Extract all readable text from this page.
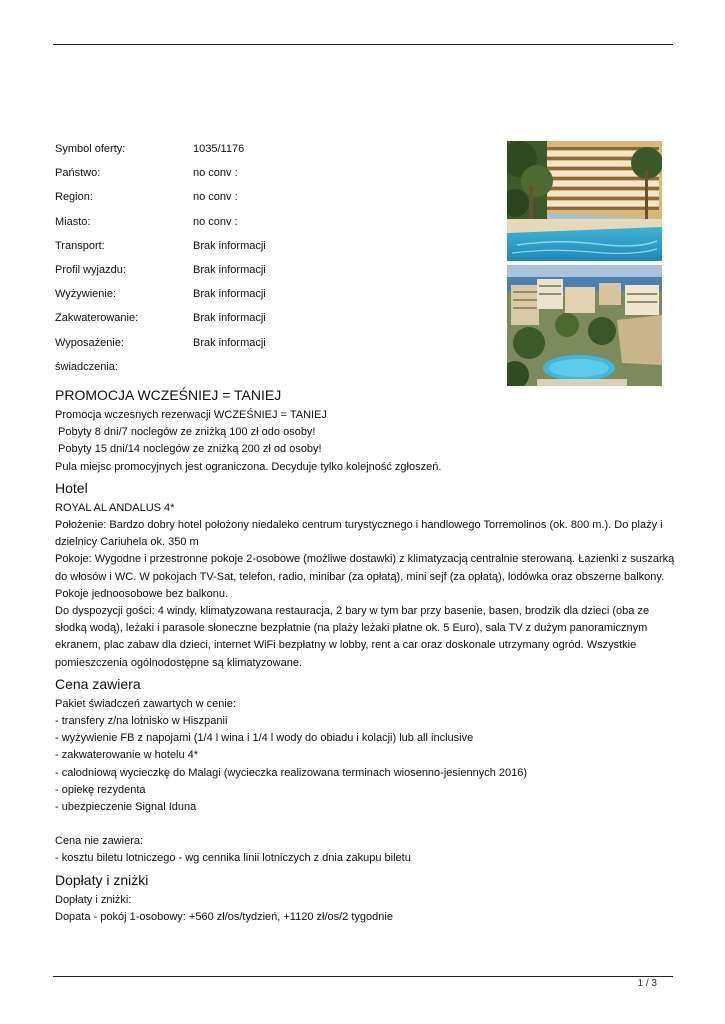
Symbol oferty:	1035/1176
Państwo:	no conv :
Region:	no conv :
Miasto:	no conv :
Transport:	Brak informacji
Profil wyjazdu:	Brak informacji
Wyżywienie:	Brak informacji
Zakwaterowanie:	Brak informacji
Wyposażenie:	Brak informacji
świadczenia:
PROMOCJA WCZEŚNIEJ = TANIEJ

Promocja wczesnych rezerwacji WCZEŚNIEJ = TANIEJ

Pobyty 8 dni/7 noclegów ze zniżką 100 zł odo osoby!

Pobyty 15 dni/14 noclegów ze zniżką 200 zł od osoby!

Pula miejsc promocyjnych jest ograniczona. Decyduje tylko kolejność zgłoszeń.

Hotel

ROYAL AL ANDALUS 4*

Położenie: Bardzo dobry hotel położony niedaleko centrum turystycznego i handlowego Torremolinos (ok. 800 m.). Do plaży i dzielnicy Cariuhela ok. 350 m

Pokoje: Wygodne i przestronne pokoje 2-osobowe (możliwe dostawki) z klimatyzacją centralnie sterowaną. Łazienki z suszarką do włosów i WC. W pokojach TV-Sat, telefon, radio, minibar (za opłatą), mini sejf (za opłatą), lodówka oraz obszerne balkony. Pokoje jednoosobowe bez balkonu.

Do dyspozycji gości: 4 windy, klimatyzowana restauracja, 2 bary w tym bar przy basenie, basen, brodzik dla dzieci (oba ze słodką wodą), leżaki i parasole słoneczne bezpłatnie (na plaży leżaki płatne ok. 5 Euro), sala TV z dużym panoramicznym ekranem, plac zabaw dla dzieci, internet WiFi bezpłatny w lobby, rent a car oraz doskonale utrzymany ogród. Wszystkie pomieszczenia ogólnodostępne są klimatyzowane.

Cena zawiera

Pakiet świadczeń zawartych w cenie:

- transfery z/na lotnisko w Hiszpanii

- wyżywienie FB z napojami (1/4 l wina i 1/4 l wody do obiadu i kolacji) lub all inclusive

- zakwaterowanie w hotelu 4*

- calodniową wycieczkę do Malagi (wycieczka realizowana terminach wiosenno-jesiennych 2016)

- opiekę rezydenta

- ubezpieczenie Signal Iduna

Cena nie zawiera:

- kosztu biletu lotniczego - wg cennika linii lotniczych z dnia zakupu biletu

Dopłaty i zniżki

Dopłaty i zniżki:

Dopata - pokój 1-osobowy: +560 zł/os/tydzień, +1120 zł/os/2 tygodnie

1 / 3
